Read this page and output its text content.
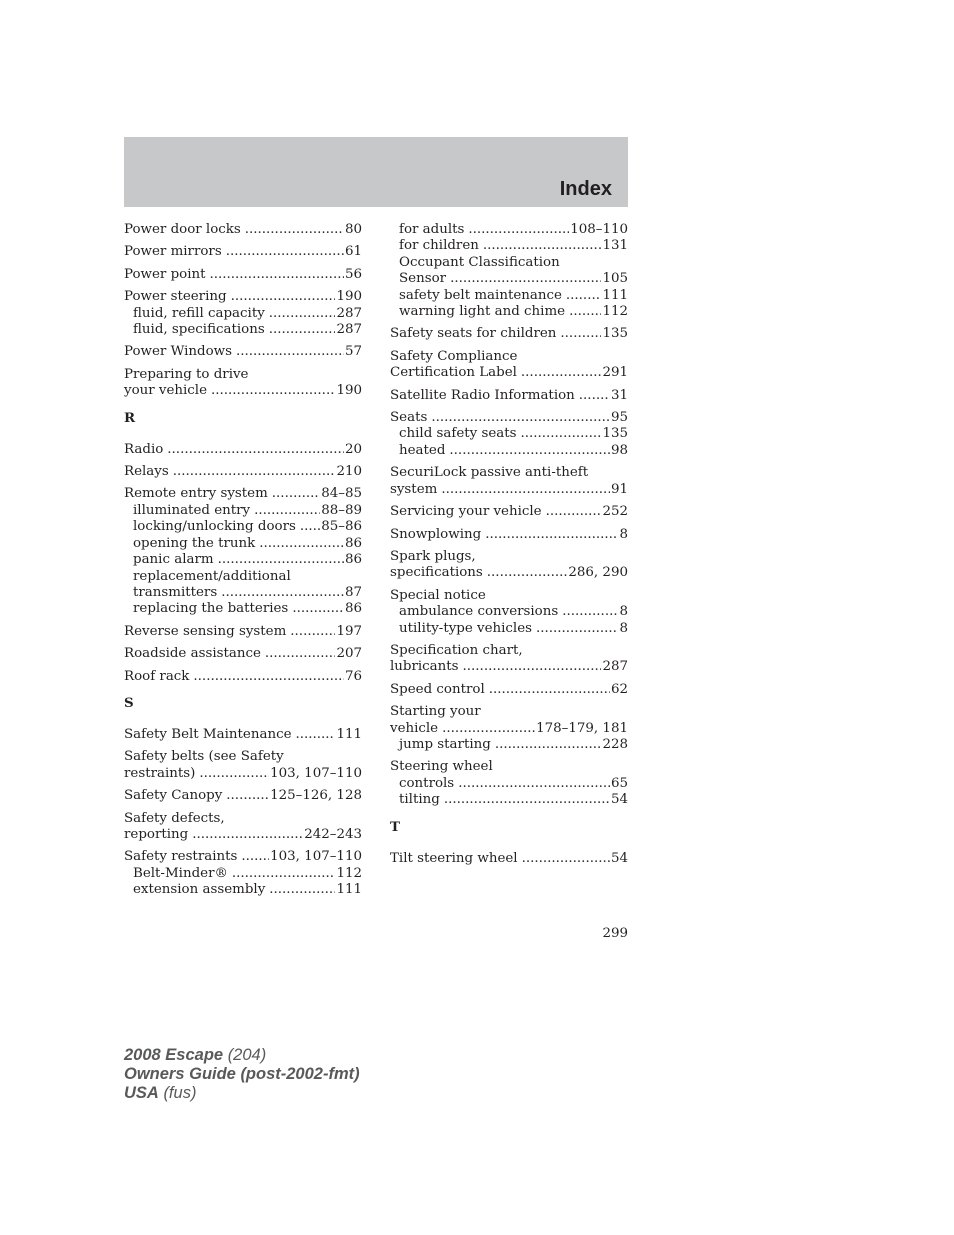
Index
Power door locks .....	80
Power mirrors .....	61
Power point .....	56
Power steering .....	190
fluid, refill capacity .....	287
fluid, specifications .....	287
Power Windows .....	57
Preparing to drive
your vehicle .....	190
R
Radio .....	20
Relays .....	210
Remote entry system .....	84–85
illuminated entry .....	88–89
locking/unlocking doors ..... 85–86
opening the trunk .....	86
panic alarm .....	86
replacement/additional
transmitters .....	87
replacing the batteries .....	86
Reverse sensing system .....	197
Roadside assistance .....	207
Roof rack .....	76
S
Safety Belt Maintenance .....	111
Safety belts (see Safety
restraints) .....	103, 107–110
Safety Canopy .....	125–126, 128
Safety defects,
reporting .....	242–243
Safety restraints ..... 103, 107–110
Belt-Minder® .....	112
extension assembly .....	111
for adults .....	108–110
for children .....	131
Occupant Classification
Sensor .....	105
safety belt maintenance .....	111
warning light and chime .....	112
Safety seats for children .....	135
Safety Compliance
Certification Label .....	291
Satellite Radio Information .....	31
Seats .....	95
child safety seats .....	135
heated .....	98
SecuriLock passive anti-theft
system .....	91
Servicing your vehicle .....	252
Snowplowing .....	8
Spark plugs,
specifications .....	286, 290
Special notice
ambulance conversions .....	8
utility-type vehicles .....	8
Specification chart,
lubricants .....	287
Speed control .....	62
Starting your
vehicle .....	178–179, 181
jump starting .....	228
Steering wheel
controls .....	65
tilting .....	54
T
Tilt steering wheel .....	54
299
2008 Escape (204)
Owners Guide (post-2002-fmt)
USA (fus)
